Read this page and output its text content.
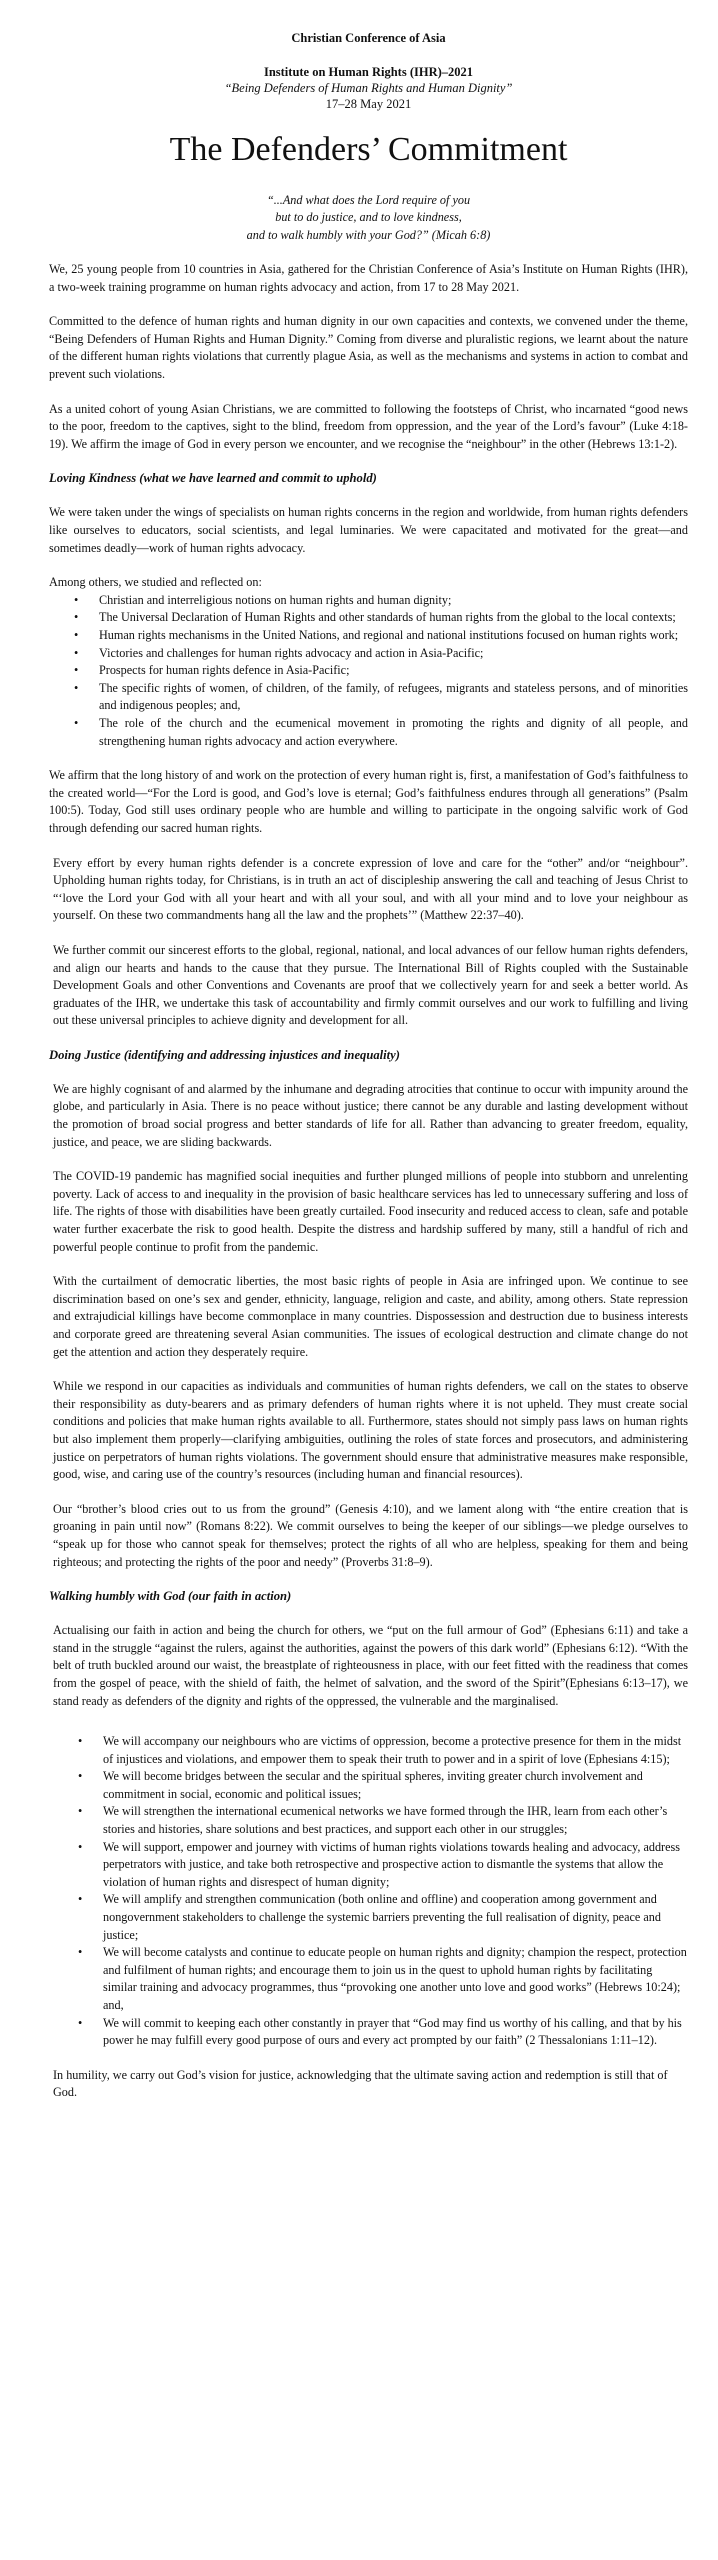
Christian Conference of Asia

Institute on Human Rights (IHR)–2021

“Being Defenders of Human Rights and Human Dignity”

17–28 May 2021

The Defenders’ Commitment
“...And what does the Lord require of you
but to do justice, and to love kindness,
and to walk humbly with your God?” (Micah 6:8)

We, 25 young people from 10 countries in Asia, gathered for the Christian Conference of Asia’s Institute on Human Rights (IHR), a two-week training programme on human rights advocacy and action, from 17 to 28 May 2021.

Committed to the defence of human rights and human dignity in our own capacities and contexts, we convened under the theme, “Being Defenders of Human Rights and Human Dignity.” Coming from diverse and pluralistic regions, we learnt about the nature of the different human rights violations that currently plague Asia, as well as the mechanisms and systems in action to combat and prevent such violations.

As a united cohort of young Asian Christians, we are committed to following the footsteps of Christ, who incarnated “good news to the poor, freedom to the captives, sight to the blind, freedom from oppression, and the year of the Lord’s favour” (Luke 4:18-19). We affirm the image of God in every person we encounter, and we recognise the “neighbour” in the other (Hebrews 13:1-2).

Loving Kindness (what we have learned and commit to uphold)

We were taken under the wings of specialists on human rights concerns in the region and worldwide, from human rights defenders like ourselves to educators, social scientists, and legal luminaries. We were capacitated and motivated for the great—and sometimes deadly—work of human rights advocacy.

Among others, we studied and reflected on:

• Christian and interreligious notions on human rights and human dignity;
• The Universal Declaration of Human Rights and other standards of human rights from the global to the local contexts;
• Human rights mechanisms in the United Nations, and regional and national institutions focused on human rights work;
• Victories and challenges for human rights advocacy and action in Asia-Pacific;
• Prospects for human rights defence in Asia-Pacific;
• The specific rights of women, of children, of the family, of refugees, migrants and stateless persons, and of minorities and indigenous peoples; and,
• The role of the church and the ecumenical movement in promoting the rights and dignity of all people, and strengthening human rights advocacy and action everywhere.

We affirm that the long history of and work on the protection of every human right is, first, a manifestation of God’s faithfulness to the created world—“For the Lord is good, and God’s love is eternal; God’s faithfulness endures through all generations” (Psalm 100:5). Today, God still uses ordinary people who are humble and willing to participate in the ongoing salvific work of God through defending our sacred human rights.

Every effort by every human rights defender is a concrete expression of love and care for the “other” and/or “neighbour”. Upholding human rights today, for Christians, is in truth an act of discipleship answering the call and teaching of Jesus Christ to “‘love the Lord your God with all your heart and with all your soul, and with all your mind and to love your neighbour as yourself. On these two commandments hang all the law and the prophets’” (Matthew 22:37–40).

We further commit our sincerest efforts to the global, regional, national, and local advances of our fellow human rights defenders, and align our hearts and hands to the cause that they pursue. The International Bill of Rights coupled with the Sustainable Development Goals and other Conventions and Covenants are proof that we collectively yearn for and seek a better world. As graduates of the IHR, we undertake this task of accountability and firmly commit ourselves and our work to fulfilling and living out these universal principles to achieve dignity and development for all.

Doing Justice (identifying and addressing injustices and inequality)

We are highly cognisant of and alarmed by the inhumane and degrading atrocities that continue to occur with impunity around the globe, and particularly in Asia. There is no peace without justice; there cannot be any durable and lasting development without the promotion of broad social progress and better standards of life for all. Rather than advancing to greater freedom, equality, justice, and peace, we are sliding backwards.

The COVID-19 pandemic has magnified social inequities and further plunged millions of people into stubborn and unrelenting poverty. Lack of access to and inequality in the provision of basic healthcare services has led to unnecessary suffering and loss of life. The rights of those with disabilities have been greatly curtailed. Food insecurity and reduced access to clean, safe and potable water further exacerbate the risk to good health. Despite the distress and hardship suffered by many, still a handful of rich and powerful people continue to profit from the pandemic.

With the curtailment of democratic liberties, the most basic rights of people in Asia are infringed upon. We continue to see discrimination based on one’s sex and gender, ethnicity, language, religion and caste, and ability, among others. State repression and extrajudicial killings have become commonplace in many countries. Dispossession and destruction due to business interests and corporate greed are threatening several Asian communities. The issues of ecological destruction and climate change do not get the attention and action they desperately require.

While we respond in our capacities as individuals and communities of human rights defenders, we call on the states to observe their responsibility as duty-bearers and as primary defenders of human rights where it is not upheld. They must create social conditions and policies that make human rights available to all. Furthermore, states should not simply pass laws on human rights but also implement them properly—clarifying ambiguities, outlining the roles of state forces and prosecutors, and administering justice on perpetrators of human rights violations. The government should ensure that administrative measures make responsible, good, wise, and caring use of the country’s resources (including human and financial resources).

Our “brother’s blood cries out to us from the ground” (Genesis 4:10), and we lament along with “the entire creation that is groaning in pain until now” (Romans 8:22). We commit ourselves to being the keeper of our siblings—we pledge ourselves to “speak up for those who cannot speak for themselves; protect the rights of all who are helpless, speaking for them and being righteous; and protecting the rights of the poor and needy” (Proverbs 31:8–9).

Walking humbly with God (our faith in action)

Actualising our faith in action and being the church for others, we “put on the full armour of God” (Ephesians 6:11) and take a stand in the struggle “against the rulers, against the authorities, against the powers of this dark world” (Ephesians 6:12). “With the belt of truth buckled around our waist, the breastplate of righteousness in place, with our feet fitted with the readiness that comes from the gospel of peace, with the shield of faith, the helmet of salvation, and the sword of the Spirit”(Ephesians 6:13–17), we stand ready as defenders of the dignity and rights of the oppressed, the vulnerable and the marginalised.

• We will accompany our neighbours who are victims of oppression, become a protective presence for them in the midst of injustices and violations, and empower them to speak their truth to power and in a spirit of love (Ephesians 4:15);
• We will become bridges between the secular and the spiritual spheres, inviting greater church involvement and commitment in social, economic and political issues;
• We will strengthen the international ecumenical networks we have formed through the IHR, learn from each other’s stories and histories, share solutions and best practices, and support each other in our struggles;
• We will support, empower and journey with victims of human rights violations towards healing and advocacy, address perpetrators with justice, and take both retrospective and prospective action to dismantle the systems that allow the violation of human rights and disrespect of human dignity;
• We will amplify and strengthen communication (both online and offline) and cooperation among government and nongovernment stakeholders to challenge the systemic barriers preventing the full realisation of dignity, peace and justice;
• We will become catalysts and continue to educate people on human rights and dignity; champion the respect, protection and fulfilment of human rights; and encourage them to join us in the quest to uphold human rights by facilitating similar training and advocacy programmes, thus “provoking one another unto love and good works” (Hebrews 10:24); and,
• We will commit to keeping each other constantly in prayer that “God may find us worthy of his calling, and that by his power he may fulfill every good purpose of ours and every act prompted by our faith” (2 Thessalonians 1:11–12).

In humility, we carry out God’s vision for justice, acknowledging that the ultimate saving action and redemption is still that of God.
